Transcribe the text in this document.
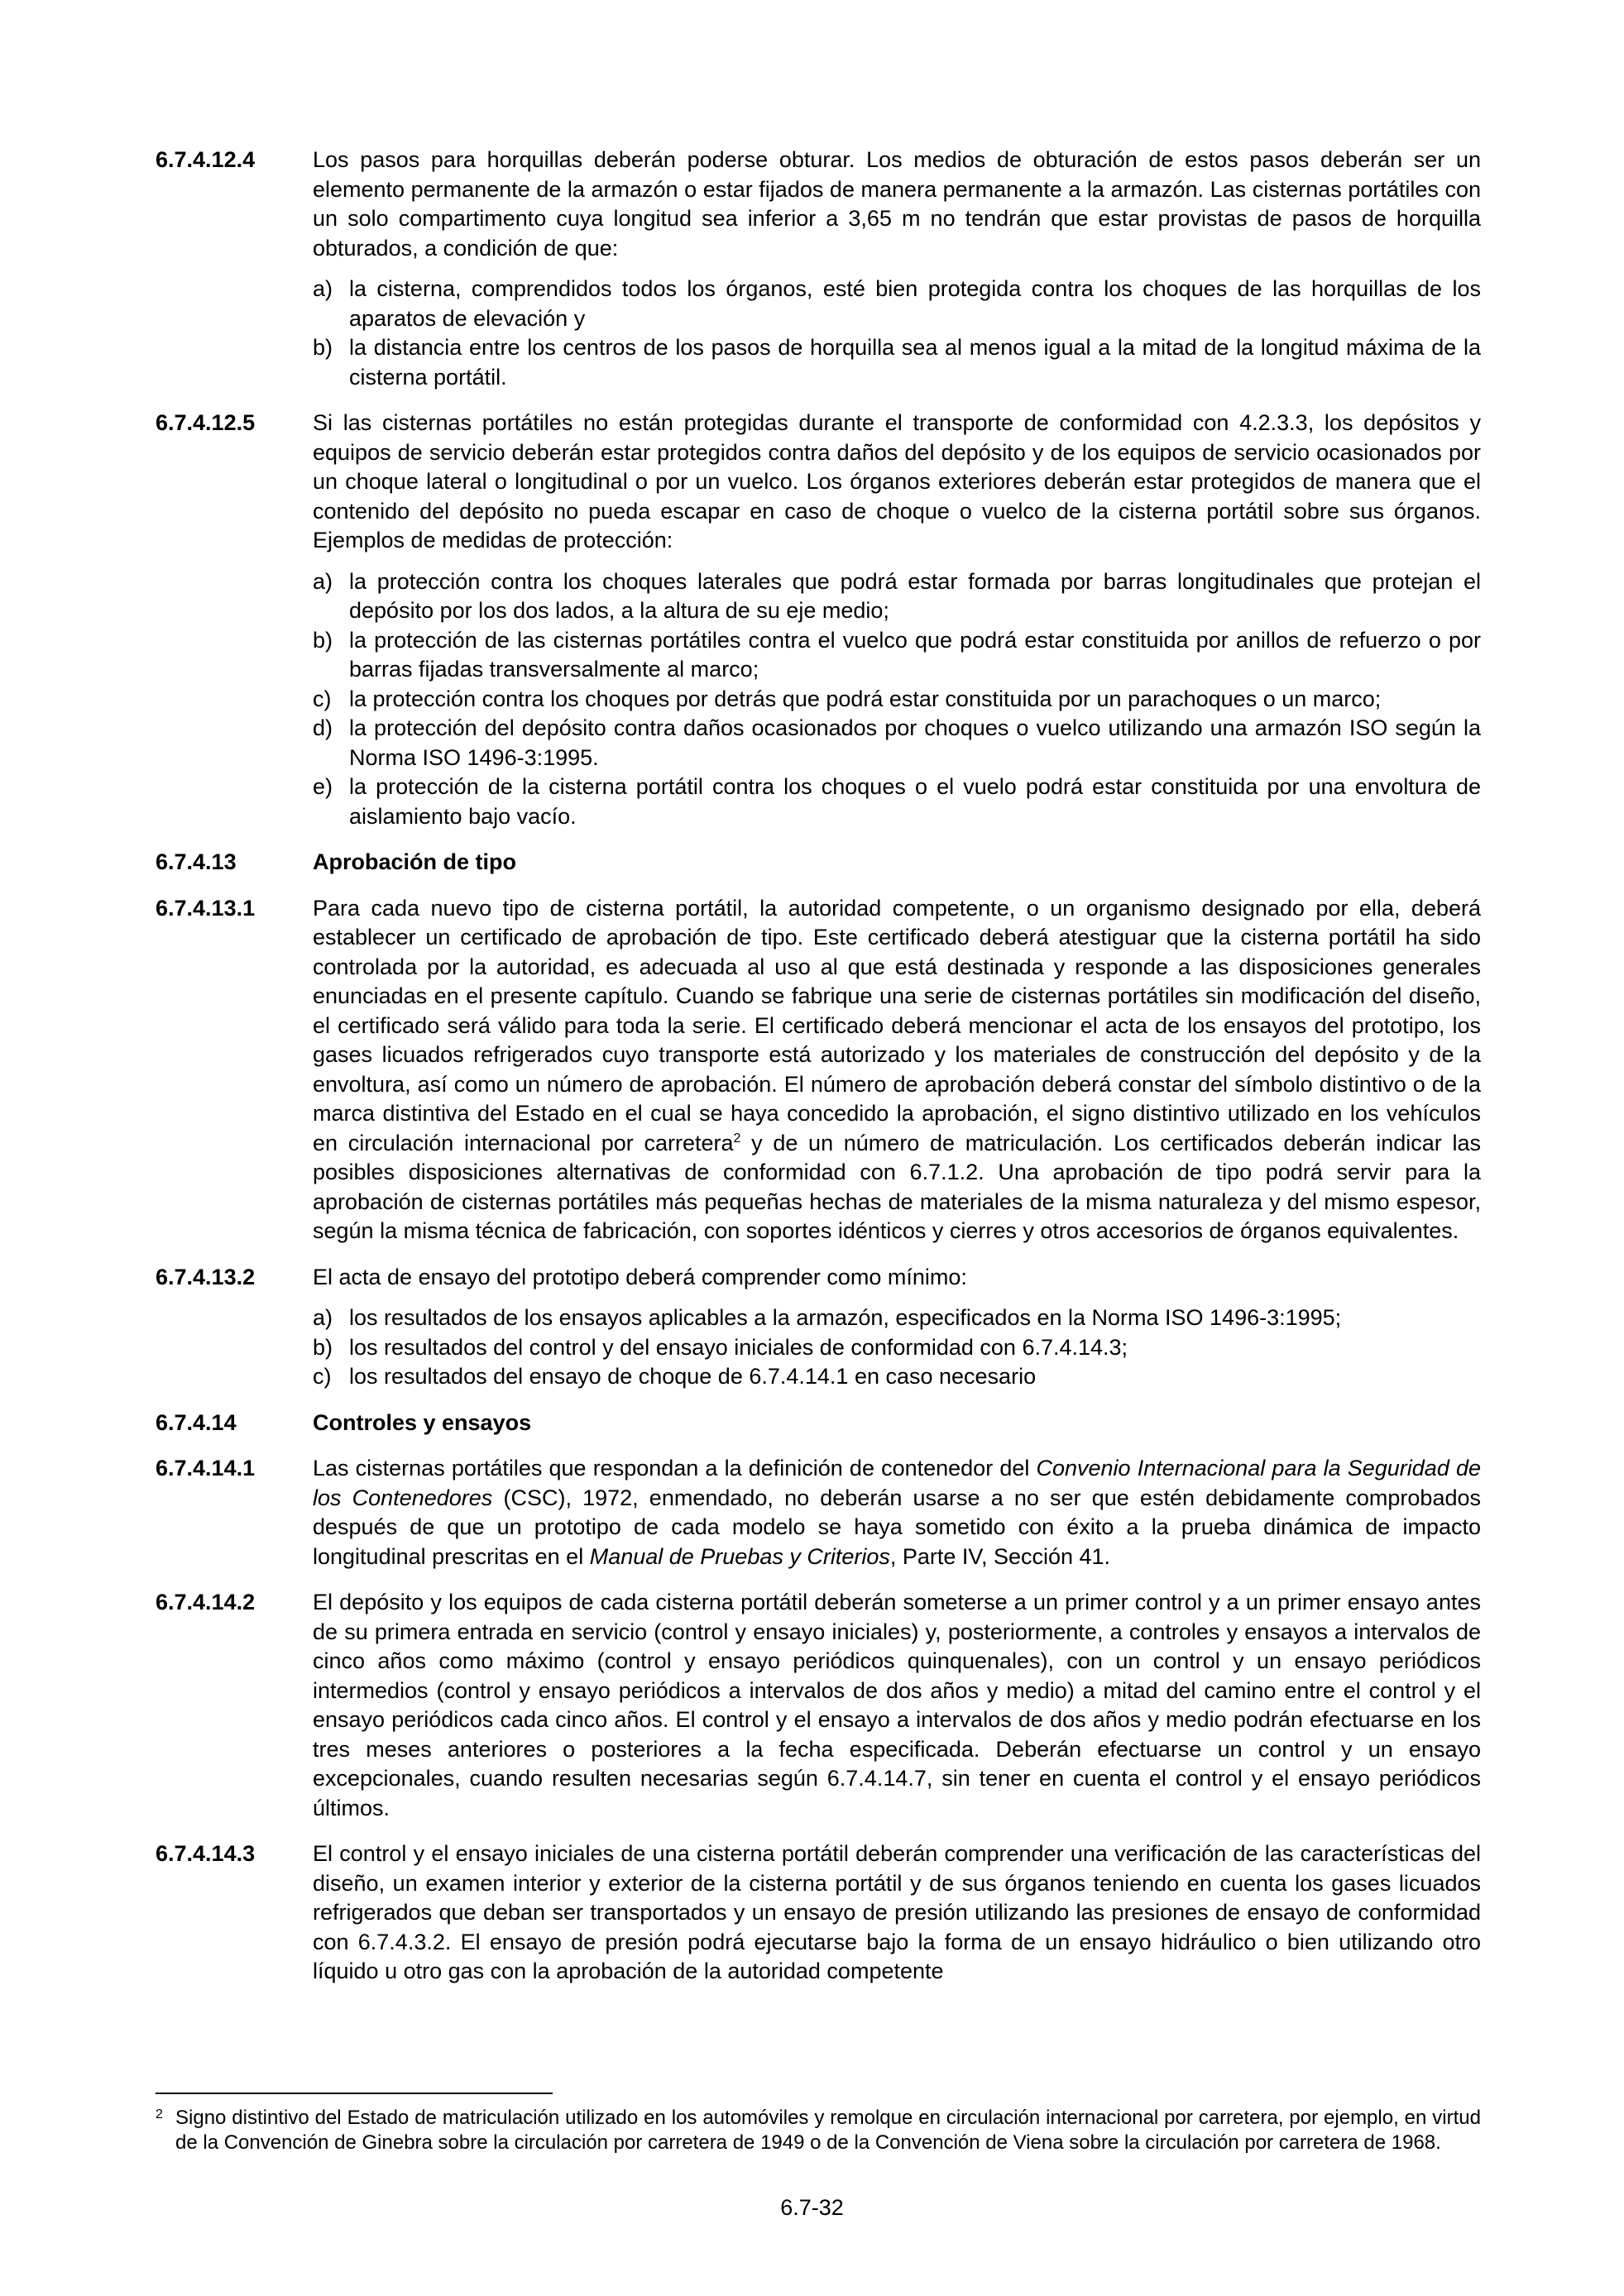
6.7.4.12.4	Los pasos para horquillas deberán poderse obturar. Los medios de obturación de estos pasos deberán ser un elemento permanente de la armazón o estar fijados de manera permanente a la armazón. Las cisternas portátiles con un solo compartimento cuya longitud sea inferior a 3,65 m no tendrán que estar provistas de pasos de horquilla obturados, a condición de que:

a) la cisterna, comprendidos todos los órganos, esté bien protegida contra los choques de las horquillas de los aparatos de elevación y
b) la distancia entre los centros de los pasos de horquilla sea al menos igual a la mitad de la longitud máxima de la cisterna portátil.
6.7.4.12.5	Si las cisternas portátiles no están protegidas durante el transporte de conformidad con 4.2.3.3, los depósitos y equipos de servicio deberán estar protegidos contra daños del depósito y de los equipos de servicio ocasionados por un choque lateral o longitudinal o por un vuelco. Los órganos exteriores deberán estar protegidos de manera que el contenido del depósito no pueda escapar en caso de choque o vuelco de la cisterna portátil sobre sus órganos. Ejemplos de medidas de protección:

a) la protección contra los choques laterales que podrá estar formada por barras longitudinales que protejan el depósito por los dos lados, a la altura de su eje medio;
b) la protección de las cisternas portátiles contra el vuelco que podrá estar constituida por anillos de refuerzo o por barras fijadas transversalmente al marco;
c) la protección contra los choques por detrás que podrá estar constituida por un parachoques o un marco;
d) la protección del depósito contra daños ocasionados por choques o vuelco utilizando una armazón ISO según la Norma ISO 1496-3:1995.
e) la protección de la cisterna portátil contra los choques o el vuelo podrá estar constituida por una envoltura de aislamiento bajo vacío.
6.7.4.13	Aprobación de tipo
6.7.4.13.1	Para cada nuevo tipo de cisterna portátil, la autoridad competente, o un organismo designado por ella, deberá establecer un certificado de aprobación de tipo. Este certificado deberá atestiguar que la cisterna portátil ha sido controlada por la autoridad, es adecuada al uso al que está destinada y responde a las disposiciones generales enunciadas en el presente capítulo. Cuando se fabrique una serie de cisternas portátiles sin modificación del diseño, el certificado será válido para toda la serie. El certificado deberá mencionar el acta de los ensayos del prototipo, los gases licuados refrigerados cuyo transporte está autorizado y los materiales de construcción del depósito y de la envoltura, así como un número de aprobación. El número de aprobación deberá constar del símbolo distintivo o de la marca distintiva del Estado en el cual se haya concedido la aprobación, el signo distintivo utilizado en los vehículos en circulación internacional por carretera$^2$ y de un número de matriculación. Los certificados deberán indicar las posibles disposiciones alternativas de conformidad con 6.7.1.2. Una aprobación de tipo podrá servir para la aprobación de cisternas portátiles más pequeñas hechas de materiales de la misma naturaleza y del mismo espesor, según la misma técnica de fabricación, con soportes idénticos y cierres y otros accesorios de órganos equivalentes.

6.7.4.13.2	El acta de ensayo del prototipo deberá comprender como mínimo:

a) los resultados de los ensayos aplicables a la armazón, especificados en la Norma ISO 1496-3:1995;
b) los resultados del control y del ensayo iniciales de conformidad con 6.7.4.14.3;
c) los resultados del ensayo de choque de 6.7.4.14.1 en caso necesario
6.7.4.14	Controles y ensayos
6.7.4.14.1	Las cisternas portátiles que respondan a la definición de contenedor del Convenio Internacional para la Seguridad de los Contenedores (CSC), 1972, enmendado, no deberán usarse a no ser que estén debidamente comprobados después de que un prototipo de cada modelo se haya sometido con éxito a la prueba dinámica de impacto longitudinal prescritas en el Manual de Pruebas y Criterios, Parte IV, Sección 41.

6.7.4.14.2	El depósito y los equipos de cada cisterna portátil deberán someterse a un primer control y a un primer ensayo antes de su primera entrada en servicio (control y ensayo iniciales) y, posteriormente, a controles y ensayos a intervalos de cinco años como máximo (control y ensayo periódicos quinquenales), con un control y un ensayo periódicos intermedios (control y ensayo periódicos a intervalos de dos años y medio) a mitad del camino entre el control y el ensayo periódicos cada cinco años. El control y el ensayo a intervalos de dos años y medio podrán efectuarse en los tres meses anteriores o posteriores a la fecha especificada. Deberán efectuarse un control y un ensayo excepcionales, cuando resulten necesarias según 6.7.4.14.7, sin tener en cuenta el control y el ensayo periódicos últimos.

6.7.4.14.3	El control y el ensayo iniciales de una cisterna portátil deberán comprender una verificación de las características del diseño, un examen interior y exterior de la cisterna portátil y de sus órganos teniendo en cuenta los gases licuados refrigerados que deban ser transportados y un ensayo de presión utilizando las presiones de ensayo de conformidad con 6.7.4.3.2. El ensayo de presión podrá ejecutarse bajo la forma de un ensayo hidráulico o bien utilizando otro líquido u otro gas con la aprobación de la autoridad competente

2 Signo distintivo del Estado de matriculación utilizado en los automóviles y remolque en circulación internacional por carretera, por ejemplo, en virtud de la Convención de Ginebra sobre la circulación por carretera de 1949 o de la Convención de Viena sobre la circulación por carretera de 1968.
6.7-32
